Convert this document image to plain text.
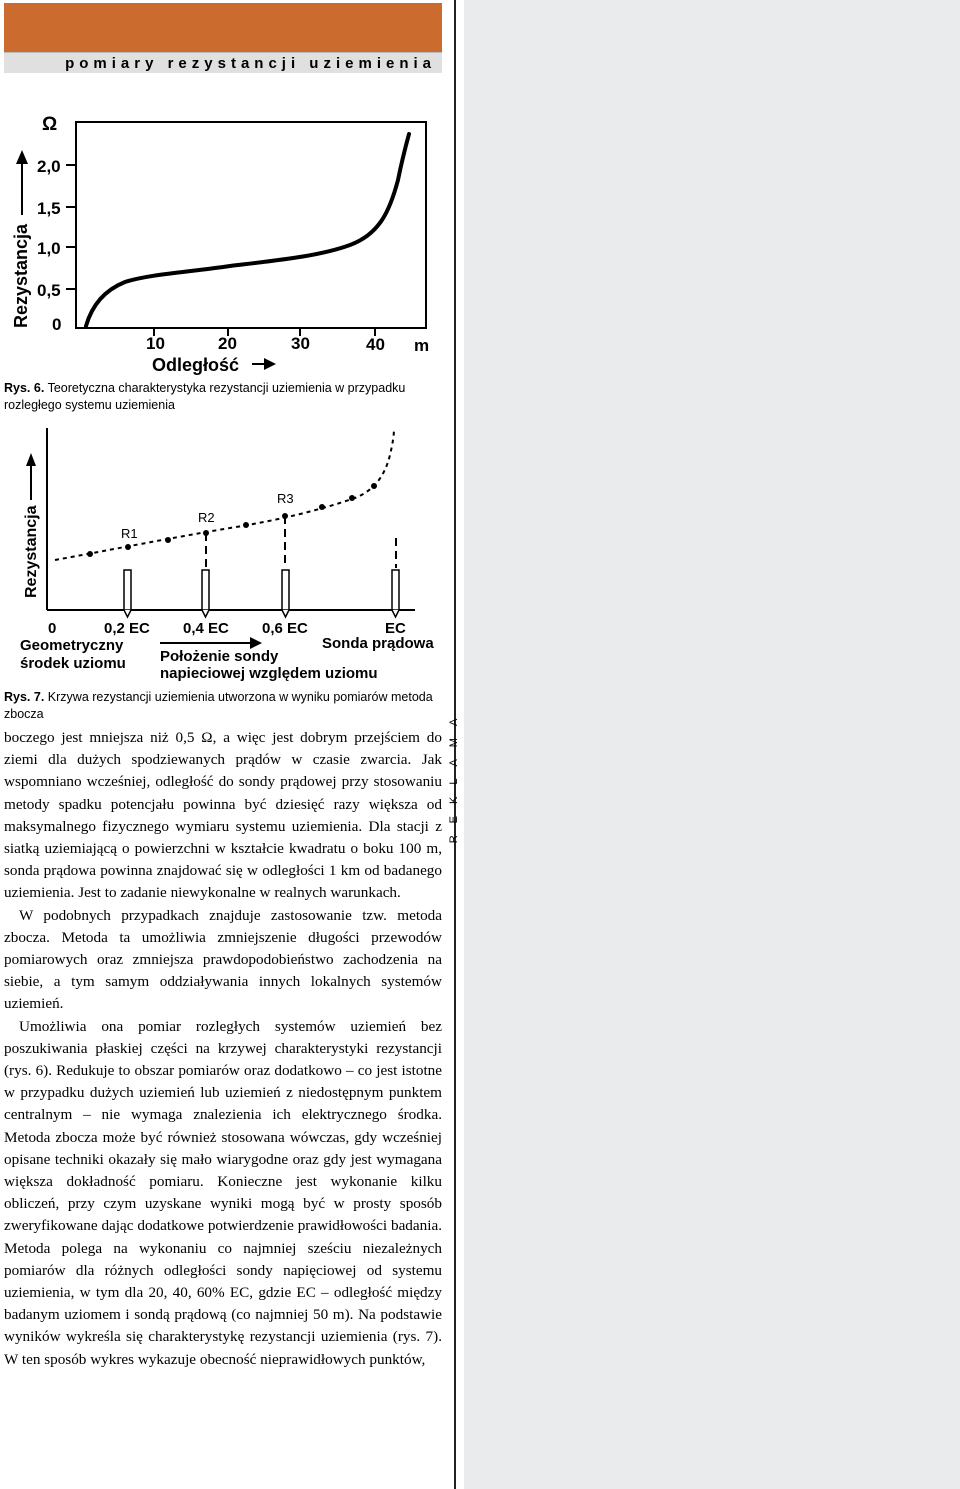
pomiary rezystancji uziemienia
REKLAMA
Rezystancja
Ω
2,0
1,5
1,0
0,5
0
10	20	30	40 m
Odległość
Rys. 6. Teoretyczna charakterystyka rezystancji uziemienia w przypadku rozległego systemu uziemienia
Rezystancja	R1
R2
R3
0	0,2 EC 0,4 EC 0,6 EC	EC
Geometryczny
środek uziomu
Sonda prądowa
Położenie sondy
napieciowej względem uziomu
Rys. 7. Krzywa rezystancji uziemienia utworzona w wyniku pomiarów metoda zbocza

boczego jest mniejsza niż 0,5 Ω, a więc jest dobrym przejściem do ziemi dla dużych spodziewanych prądów w czasie zwarcia. Jak wspomniano wcześniej, odległość do sondy prądowej przy stosowaniu metody spadku potencjału powinna być dziesięć razy większa od maksymalnego fizycznego wymiaru systemu uziemienia. Dla stacji z siatką uziemiającą o powierzchni w kształcie kwadratu o boku 100 m, sonda prądowa powinna znajdować się w odległości 1 km od badanego uziemienia. Jest to zadanie niewykonalne w realnych warunkach.

W podobnych przypadkach znajduje zastosowanie tzw. metoda zbocza. Metoda ta umożliwia zmniejszenie długości przewodów pomiarowych oraz zmniejsza prawdopodobieństwo zachodzenia na siebie, a tym samym oddziaływania innych lokalnych systemów uziemień.

Umożliwia ona pomiar rozległych systemów uziemień bez poszukiwania płaskiej części na krzywej charakterystyki rezystancji (rys. 6). Redukuje to obszar pomiarów oraz dodatkowo – co jest istotne w przypadku dużych uziemień lub uziemień z niedostępnym punktem centralnym – nie wymaga znalezienia ich elektrycznego środka. Metoda zbocza może być również stosowana wówczas, gdy wcześniej opisane techniki okazały się mało wiarygodne oraz gdy jest wymagana większa dokładność pomiaru. Konieczne jest wykonanie kilku obliczeń, przy czym uzyskane wyniki mogą być w prosty sposób zweryfikowane dając dodatkowe potwierdzenie prawidłowości badania. Metoda polega na wykonaniu co najmniej sześciu niezależnych pomiarów dla różnych odległości sondy napięciowej od systemu uziemienia, w tym dla 20, 40, 60% EC, gdzie EC – odległość między badanym uziomem i sondą prądową (co najmniej 50 m). Na podstawie wyników wykreśla się charakterystykę rezystancji uziemienia (rys. 7). W ten sposób wykres wykazuje obecność nieprawidłowych punktów,
